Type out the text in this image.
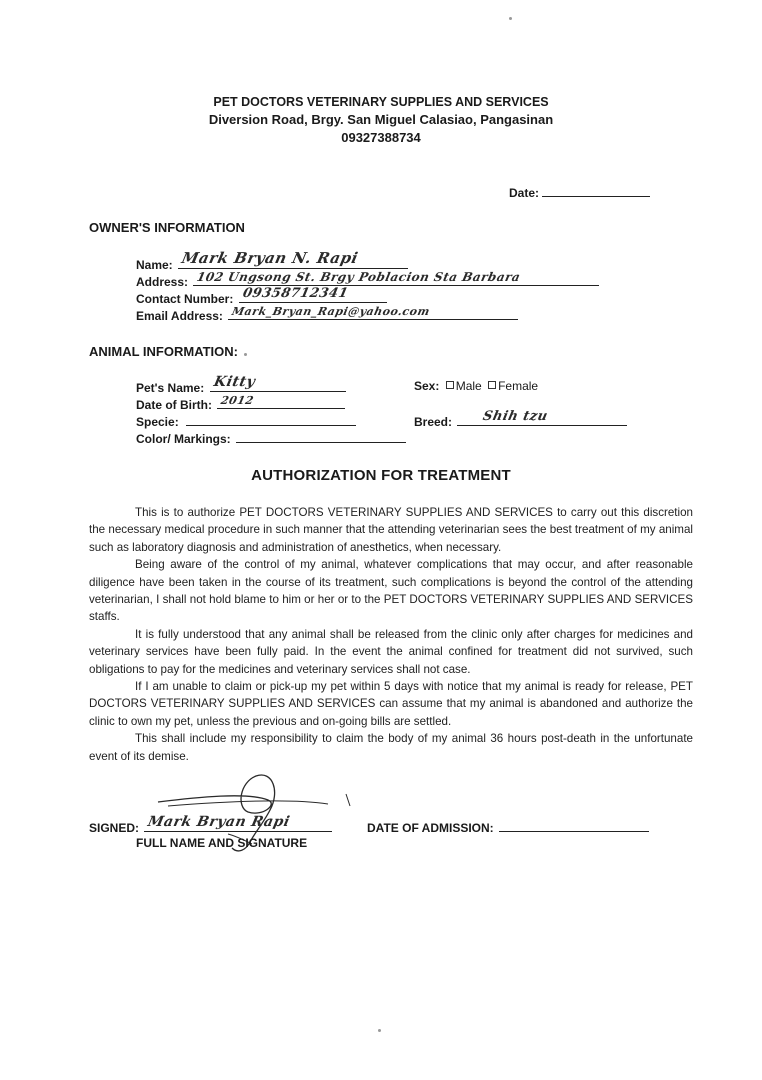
PET DOCTORS VETERINARY SUPPLIES AND SERVICES
Diversion Road, Brgy. San Miguel Calasiao, Pangasinan
09327388734
Date:
OWNER'S INFORMATION
Name: Mark Bryan N. Rapi
Address: 102 Ungsong St. Brgy Poblacion Sta Barbara
Contact Number: 09358712341
Email Address: Mark_Bryan_Rapi@yahoo.com
ANIMAL INFORMATION:
Pet's Name: Kitty
Date of Birth: 2012
Specie:
Color/ Markings:
Sex: Male Female
Breed: Shih tzu
AUTHORIZATION FOR TREATMENT

This is to authorize PET DOCTORS VETERINARY SUPPLIES AND SERVICES to carry out this discretion the necessary medical procedure in such manner that the attending veterinarian sees the best treatment of my animal such as laboratory diagnosis and administration of anesthetics, when necessary.

Being aware of the control of my animal, whatever complications that may occur, and after reasonable diligence have been taken in the course of its treatment, such complications is beyond the control of the attending veterinarian, I shall not hold blame to him or her or to the PET DOCTORS VETERINARY SUPPLIES AND SERVICES staffs.

It is fully understood that any animal shall be released from the clinic only after charges for medicines and veterinary services have been fully paid. In the event the animal confined for treatment did not survived, such obligations to pay for the medicines and veterinary services shall not case.

If I am unable to claim or pick-up my pet within 5 days with notice that my animal is ready for release, PET DOCTORS VETERINARY SUPPLIES AND SERVICES can assume that my animal is abandoned and authorize the clinic to own my pet, unless the previous and on-going bills are settled.

This shall include my responsibility to claim the body of my animal 36 hours post-death in the unfortunate event of its demise.

SIGNED: Mark Bryan Rapi
FULL NAME AND SIGNATURE
DATE OF ADMISSION:
